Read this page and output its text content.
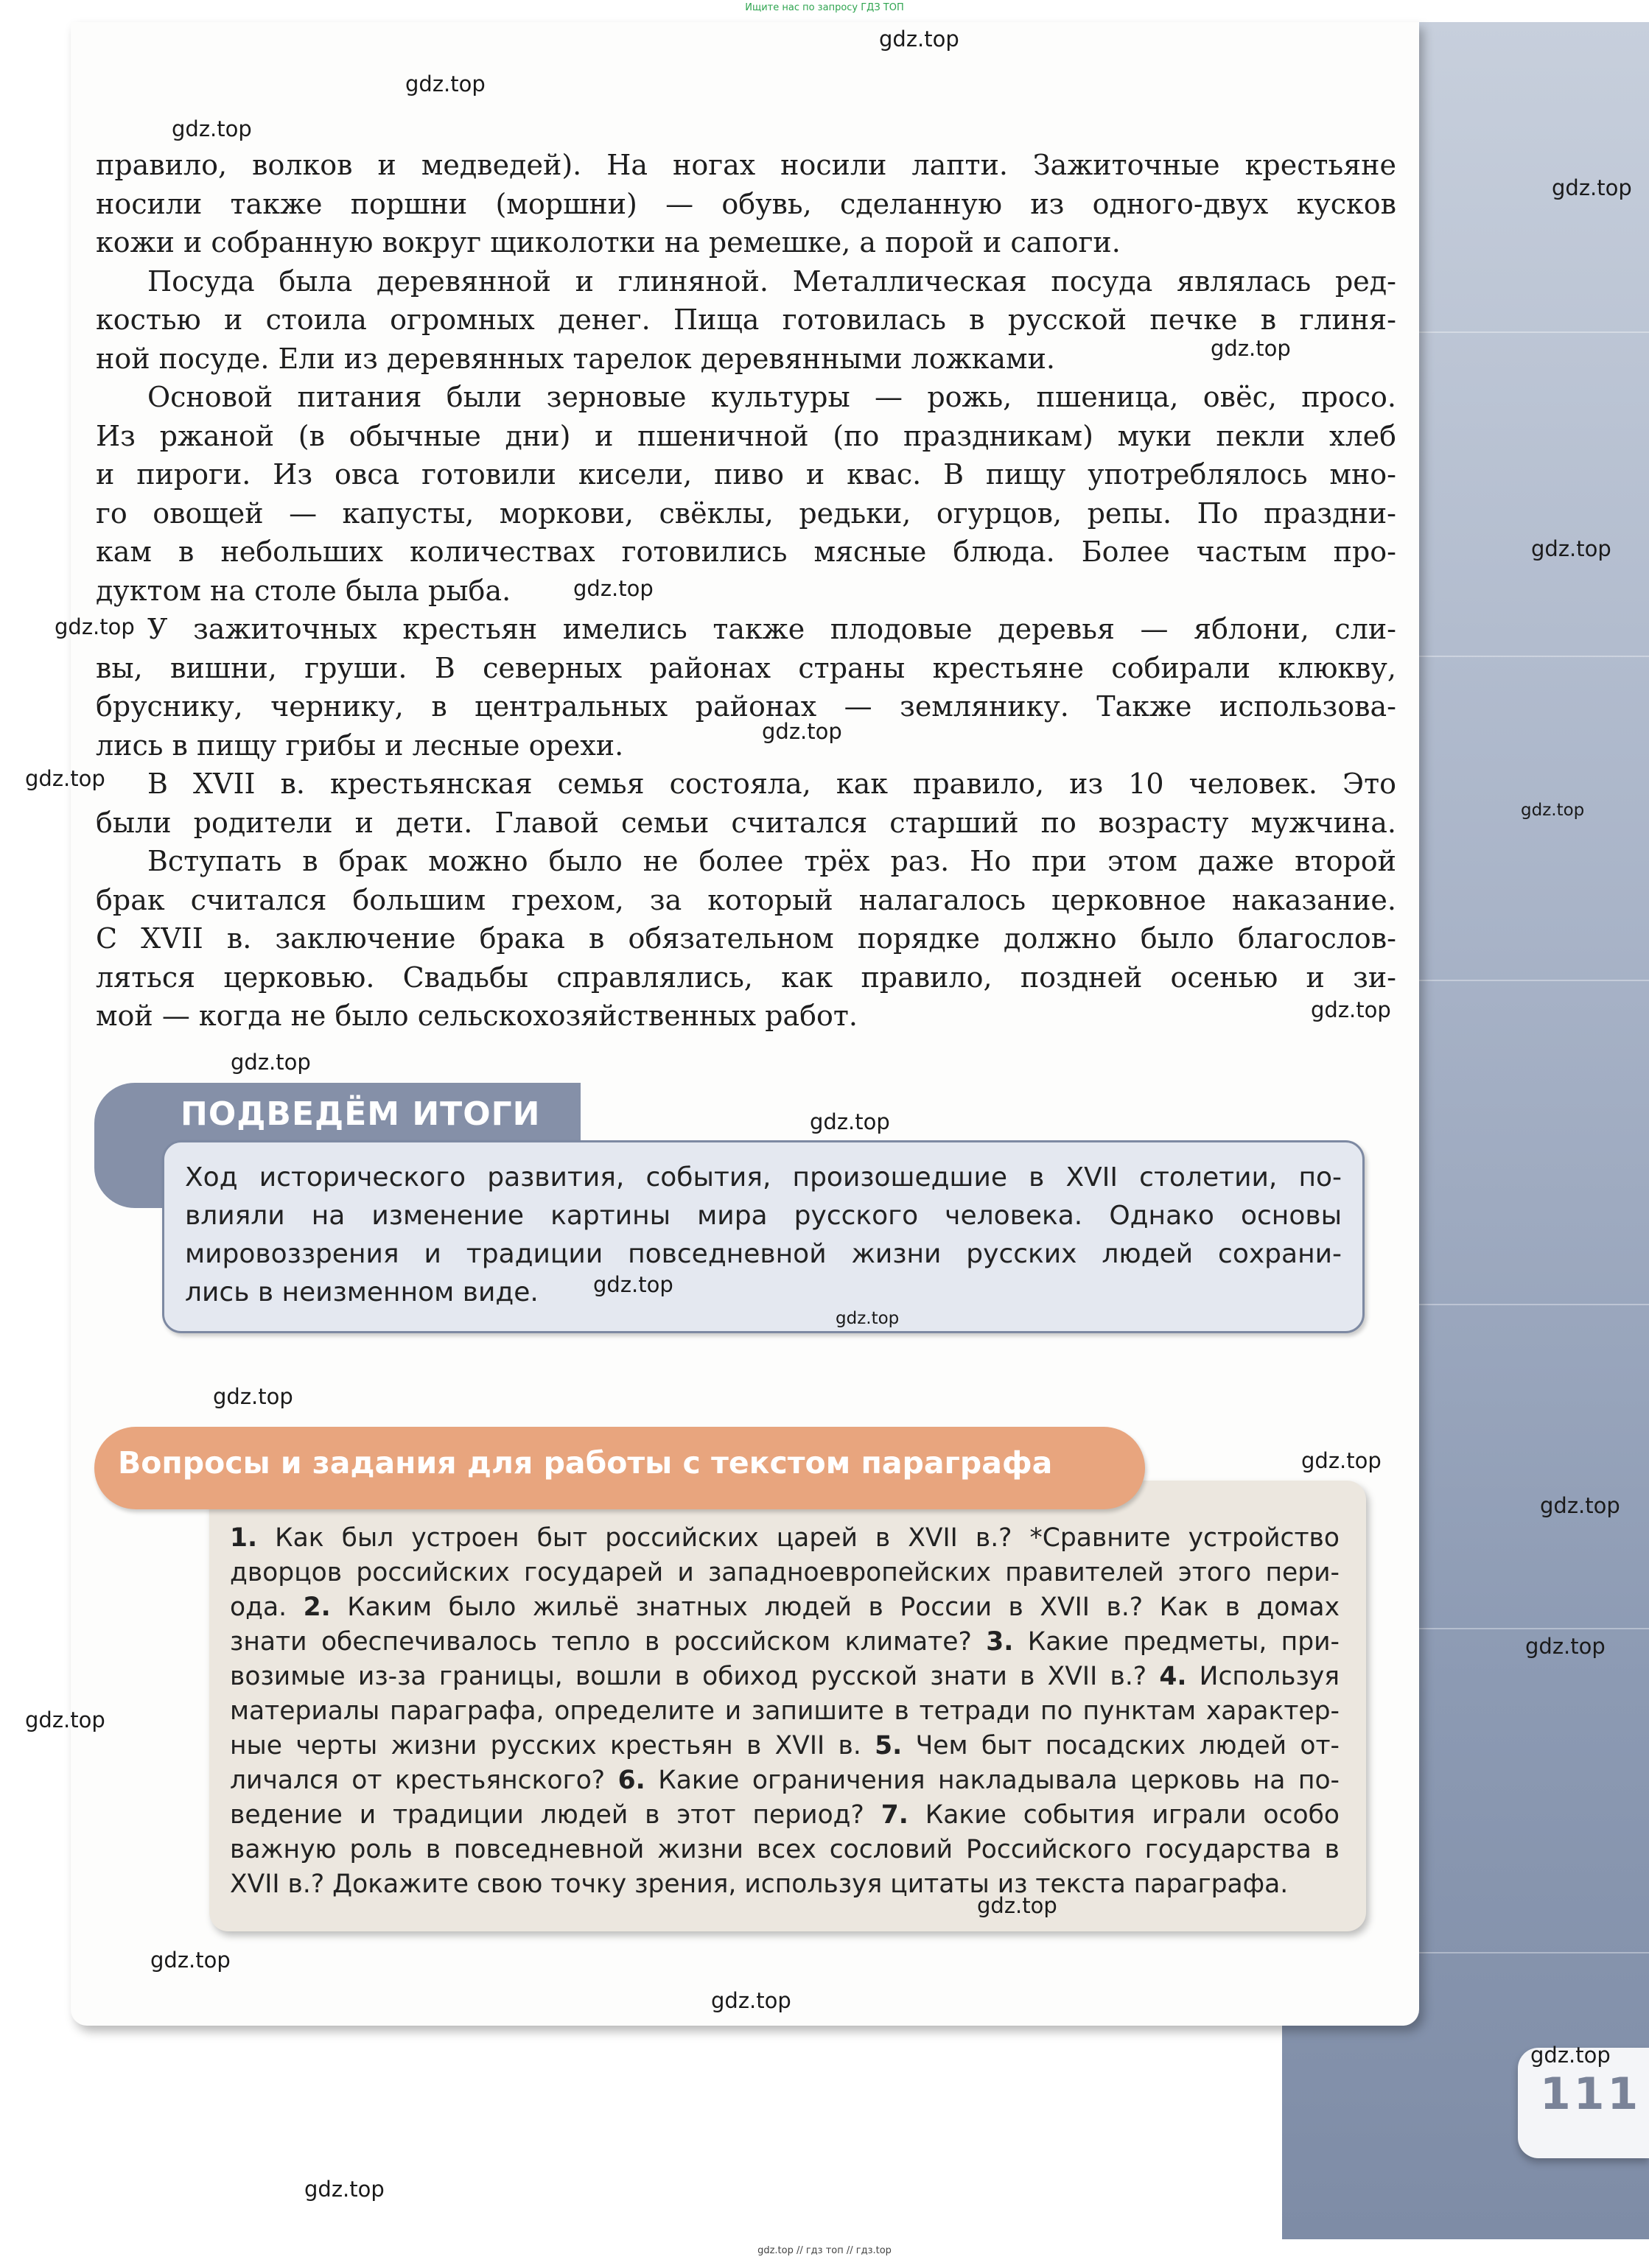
Ищите нас по запросу ГДЗ ТОП
правило, волков и медведей). На ногах носили лапти. Зажиточные крестьяне
носили также поршни (моршни) — обувь, сделанную из одного-двух кусков
кожи и собранную вокруг щиколотки на ремешке, а порой и сапоги.
Посуда была деревянной и глиняной. Металлическая посуда являлась ред-
костью и стоила огромных денег. Пища готовилась в русской печке в глиня-
ной посуде. Ели из деревянных тарелок деревянными ложками.
Основой питания были зерновые культуры — рожь, пшеница, овёс, просо.
Из ржаной (в обычные дни) и пшеничной (по праздникам) муки пекли хлеб
и пироги. Из овса готовили кисели, пиво и квас. В пищу употреблялось мно-
го овощей — капусты, моркови, свёклы, редьки, огурцов, репы. По праздни-
кам в небольших количествах готовились мясные блюда. Более частым про-
дуктом на столе была рыба.
У зажиточных крестьян имелись также плодовые деревья — яблони, сли-
вы, вишни, груши. В северных районах страны крестьяне собирали клюкву,
бруснику, чернику, в центральных районах — землянику. Также использова-
лись в пищу грибы и лесные орехи.
В XVII в. крестьянская семья состояла, как правило, из 10 человек. Это
были родители и дети. Главой семьи считался старший по возрасту мужчина.
Вступать в брак можно было не более трёх раз. Но при этом даже второй
брак считался большим грехом, за который налагалось церковное наказание.
С XVII в. заключение брака в обязательном порядке должно было благослов-
ляться церковью. Свадьбы справлялись, как правило, поздней осенью и зи-
мой — когда не было сельскохозяйственных работ.
ПОДВЕДЁМ ИТОГИ
Ход исторического развития, события, произошедшие в XVII столетии, по-
влияли на изменение картины мира русского человека. Однако основы
мировоззрения и традиции повседневной жизни русских людей сохрани-
лись в неизменном виде.
1. Как был устроен быт российских царей в XVII в.? *Сравните устройство
дворцов российских государей и западноевропейских правителей этого пери-
ода. 2. Каким было жильё знатных людей в России в XVII в.? Как в домах
знати обеспечивалось тепло в российском климате? 3. Какие предметы, при-
возимые из-за границы, вошли в обиход русской знати в XVII в.? 4. Используя
материалы параграфа, определите и запишите в тетради по пунктам характер-
ные черты жизни русских крестьян в XVII в. 5. Чем быт посадских людей от-
личался от крестьянского? 6. Какие ограничения накладывала церковь на по-
ведение и традиции людей в этот период? 7. Какие события играли особо
важную роль в повседневной жизни всех сословий Российского государства в
XVII в.? Докажите свою точку зрения, используя цитаты из текста параграфа.
Вопросы и задания для работы с текстом параграфа
111
gdz.top
gdz.top
gdz.top
gdz.top
gdz.top
gdz.top
gdz.top
gdz.top
gdz.top
gdz.top
gdz.top
gdz.top
gdz.top
gdz.top
gdz.top
gdz.top
gdz.top
gdz.top
gdz.top
gdz.top
gdz.top
gdz.top
gdz.top
gdz.top
gdz.top
gdz.top
gdz.top // гдз топ // гдз.top
